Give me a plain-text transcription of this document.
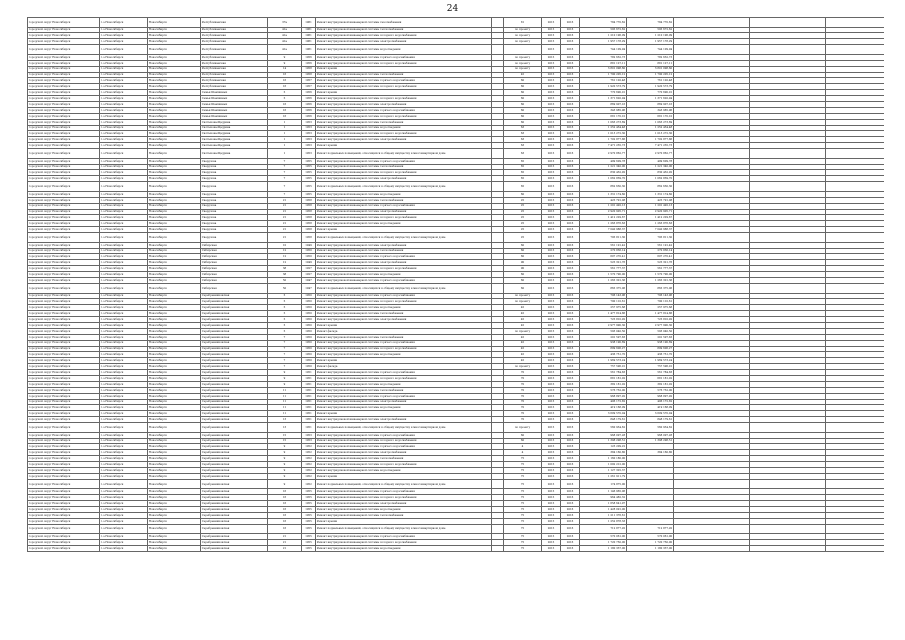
24
городской округ Новосибирск	г.о.Новосибирск	Новосибирск	Республиканская	37а	1961	Ремонт внутридомовой инженерной системы газоснабжения		81	2015	2016	784 770,62	784 770,62			
городской округ Новосибирск	г.о.Новосибирск	Новосибирск	Республиканская	41а	1961	Ремонт внутридомовой инженерной системы теплоснабжения		по проекту	2015	2016	595 672,62	595 672,62			
городской округ Новосибирск	г.о.Новосибирск	Новосибирск	Республиканская	41а	1961	Ремонт внутридомовой инженерной системы холодного водоснабжения		по проекту	2015	2016	1 210 196,09	1 210 196,09			
городской округ Новосибирск	г.о.Новосибирск	Новосибирск	Республиканская	41а	1961	Ремонт внутридомовой инженерной системы электроснабжения		по проекту	2015	2016	1 957 178,29	1 957 178,29			
городской округ Новосибирск	г.о.Новосибирск	Новосибирск	Республиканская	41а	1961	Ремонт внутридомовой инженерной системы водоотведения			2015	2016	744 109,94	744 109,94			
городской округ Новосибирск	г.о.Новосибирск	Новосибирск	Республиканская	9	1956	Ремонт внутридомовой инженерной системы горячего водоснабжения		по проекту	2015	2016	782 632,73	782 632,73			
городской округ Новосибирск	г.о.Новосибирск	Новосибирск	Республиканская	9	1956	Ремонт внутридомовой инженерной системы холодного водоснабжения		по проекту	2015	2016	881 127,11	881 127,11			
городской округ Новосибирск	г.о.Новосибирск	Новосибирск	Республиканская	14	1958	Ремонт крыши		по проекту	2015	2016	3 801 098,60	3 801 098,60			
городской округ Новосибирск	г.о.Новосибирск	Новосибирск	Республиканская	16	1958	Ремонт внутридомовой инженерной системы теплоснабжения		45	2015	2016	1 790 205,12	1 790 205,12			
городской округ Новосибирск	г.о.Новосибирск	Новосибирск	Республиканская	16	1957	Ремонт внутридомовой инженерной системы горячего водоснабжения		60	2015	2016	761 120,48	761 120,48			
городской округ Новосибирск	г.о.Новосибирск	Новосибирск	Республиканская	16	1957	Ремонт внутридомовой инженерной системы холодного водоснабжения		60	2015	2016	1 920 573,79	1 920 573,79			
городской округ Новосибирск	г.о.Новосибирск	Новосибирск	Семьи Шамшиных	5	1956	Ремонт крыши		60	2015	2016	770 690,01	770 690,01			
городской округ Новосибирск	г.о.Новосибирск	Новосибирск	Семьи Шамшиных	5	1956	Ремонт внутридомовой инженерной системы холодного водоснабжения		60	2015	2016	1 371 620,94	1 371 620,94			
городской округ Новосибирск	г.о.Новосибирск	Новосибирск	Семьи Шамшиных	16	1956	Ремонт внутридомовой инженерной системы электроснабжения		60	2015	2016	869 907,16	869 907,16			
городской округ Новосибирск	г.о.Новосибирск	Новосибирск	Семьи Шамшиных	16	1956	Ремонт внутридомовой инженерной системы горячего водоснабжения		60	2015	2016	343 985,96	343 985,96			
городской округ Новосибирск	г.о.Новосибирск	Новосибирск	Семьи Шамшиных	16	1956	Ремонт внутридомовой инженерной системы холодного водоснабжения		60	2015	2016	681 170,10	681 170,10			
городской округ Новосибирск	г.о.Новосибирск	Новосибирск	Салтыкова-Щедрина	1	1953	Ремонт внутридомовой инженерной системы теплоснабжения		60	2015	2016	1 063 273,69	1 063 273,69			
городской округ Новосибирск	г.о.Новосибирск	Новосибирск	Салтыкова-Щедрина	1	1953	Ремонт внутридомовой инженерной системы водоотведения		63	2015	2016	1 252 434,48	1 252 434,48			
городской округ Новосибирск	г.о.Новосибирск	Новосибирск	Салтыкова-Щедрина	1	1953	Ремонт внутридомовой инженерной системы холодного водоснабжения		63	2015	2016	1 013 272,30	1 013 272,30			
городской округ Новосибирск	г.о.Новосибирск	Новосибирск	Салтыкова-Щедрина	1	1953	Ремонт внутридомовой инженерной системы электроснабжения		63	2015	2016	1 702 877,86	1 702 877,86			
городской округ Новосибирск	г.о.Новосибирск	Новосибирск	Салтыкова-Щедрина	1	1953	Ремонт крыши		63	2015	2016	7 471 235,73	7 471 235,73			
городской округ Новосибирск	г.о.Новосибирск	Новосибирск	Салтыкова-Щедрина	1	1953	Ремонт подвальных помещений, относящихся к общему имуществу в многоквартирном доме		63	2015	2016	2 970 862,77	2 970 862,77			
городской округ Новосибирск	г.о.Новосибирск	Новосибирск	Свердлова	7	1955	Ремонт внутридомовой инженерной системы горячего водоснабжения		65	2015	2016	499 609,78	499 609,78			
городской округ Новосибирск	г.о.Новосибирск	Новосибирск	Свердлова	7	1955	Ремонт внутридомовой инженерной системы теплоснабжения		65	2015	2016	1 221 340,00	1 221 340,00			
городской округ Новосибирск	г.о.Новосибирск	Новосибирск	Свердлова	7	1955	Ремонт внутридомовой инженерной системы холодного водоснабжения		65	2015	2016	830 432,92	830 432,92			
городской округ Новосибирск	г.о.Новосибирск	Новосибирск	Свердлова	7	1955	Ремонт внутридомовой инженерной системы электроснабжения		65	2015	2016	1 062 839,70	1 062 839,70			
городской округ Новосибирск	г.о.Новосибирск	Новосибирск	Свердлова	7	1955	Ремонт подвальных помещений, относящихся к общему имуществу в многоквартирном доме		65	2015	2016	862 630,30	862 630,30			
городской округ Новосибирск	г.о.Новосибирск	Новосибирск	Свердлова	7	1955	Ремонт внутридомовой инженерной системы водоотведения		60	2015	2016	1 331 174,60	1 331 174,60			
городской округ Новосибирск	г.о.Новосибирск	Новосибирск	Свердлова	21	1958	Ремонт внутридомовой инженерной системы теплоснабжения		25	2015	2016	425 791,08	425 791,08			
городской округ Новосибирск	г.о.Новосибирск	Новосибирск	Свердлова	21	1958	Ремонт внутридомовой инженерной системы горячего водоснабжения		25	2015	2016	1 291 492,13	1 291 492,13			
городской округ Новосибирск	г.о.Новосибирск	Новосибирск	Свердлова	21	1958	Ремонт внутридомовой инженерной системы электроснабжения		25	2015	2016	2 920 905,71	2 920 905,71			
городской округ Новосибирск	г.о.Новосибирск	Новосибирск	Свердлова	21	1958	Ремонт внутридомовой инженерной системы холодного водоснабжения		25	2015	2016	1 412 229,67	1 412 229,67			
городской округ Новосибирск	г.о.Новосибирск	Новосибирск	Свердлова	21	1958	Ремонт внутридомовой инженерной системы водоотведения		25	2015	2016	1 263 876,63	1 263 876,63			
городской округ Новосибирск	г.о.Новосибирск	Новосибирск	Свердлова	21	1958	Ремонт крыши		25	2015	2016	7 040 988,37	7 040 988,37			
городской округ Новосибирск	г.о.Новосибирск	Новосибирск	Свердлова	21	1958	Ремонт подвальных помещений, относящихся к общему имуществу в многоквартирном доме		25	2015	2016	795 811,30	795 811,30			
городской округ Новосибирск	г.о.Новосибирск	Новосибирск	Сибирская	10	1949	Ремонт внутридомовой инженерной системы электроснабжения		60	2015	2016	561 191,42	561 191,42			
городской округ Новосибирск	г.о.Новосибирск	Новосибирск	Сибирская	12	1950	Ремонт внутридомовой инженерной системы теплоснабжения		60	2015	2016	270 836,14	270 836,14			
городской округ Новосибирск	г.о.Новосибирск	Новосибирск	Сибирская	12	1950	Ремонт внутридомовой инженерной системы горячего водоснабжения		60	2015	2016	607 270,41	607 270,41			
городской округ Новосибирск	г.о.Новосибирск	Новосибирск	Сибирская	12	1949	Ремонт внутридомовой инженерной системы электроснабжения		90	2015	2016	525 321,76	525 321,76			
городской округ Новосибирск	г.о.Новосибирск	Новосибирск	Сибирская	38	1927	Ремонт внутридомовой инженерной системы холодного водоснабжения		90	2015	2016	561 777,37	561 777,37			
городской округ Новосибирск	г.о.Новосибирск	Новосибирск	Сибирская	38	1927	Ремонт внутридомовой инженерной системы водоотведения		60	2015	2016	1 570 790,00	1 570 790,00			
городской округ Новосибирск	г.о.Новосибирск	Новосибирск	Сибирская	50	1947	Ремонт внутридомовой инженерной системы горячего водоснабжения		60	2015	2016	1 265 301,36	1 265 301,36			
городской округ Новосибирск	г.о.Новосибирск	Новосибирск	Сибирская	50	1947	Ремонт подвальных помещений, относящихся к общему имуществу в многоквартирном доме		60	2015	2016	865 375,06	865 375,06			
городской округ Новосибирск	г.о.Новосибирск	Новосибирск	Серебренниковская	5	1950	Ремонт внутридомовой инженерной системы горячего водоснабжения		по проекту	2015	2016	706 143,96	706 143,96			
городской округ Новосибирск	г.о.Новосибирск	Новосибирск	Серебренниковская	5	1950	Ремонт внутридомовой инженерной системы холодного водоснабжения		по проекту	2015	2016	790 110,61	790 110,61			
городской округ Новосибирск	г.о.Новосибирск	Новосибирск	Серебренниковская	5	1950	Ремонт внутридомовой инженерной системы водоотведения		45	2015	2016	257 975,68	257 975,68			
городской округ Новосибирск	г.о.Новосибирск	Новосибирск	Серебренниковская	5	1950	Ремонт внутридомовой инженерной системы теплоснабжения		45	2015	2016	1 477 814,86	1 477 814,86			
городской округ Новосибирск	г.о.Новосибирск	Новосибирск	Серебренниковская	5	1950	Ремонт внутридомовой инженерной системы электроснабжения		45	2015	2016	725 810,92	725 810,92			
городской округ Новосибирск	г.о.Новосибирск	Новосибирск	Серебренниковская	5	1950	Ремонт крыши		45	2015	2016	2 977 990,30	2 977 990,30			
городской округ Новосибирск	г.о.Новосибирск	Новосибирск	Серебренниковская	5	1950	Ремонт фасада		по проекту	2015	2016	593 040,50	593 040,50			
городской округ Новосибирск	г.о.Новосибирск	Новосибирск	Серебренниковская	7	1950	Ремонт внутридомовой инженерной системы теплоснабжения		45	2015	2016	291 597,83	291 597,83			
городской округ Новосибирск	г.о.Новосибирск	Новосибирск	Серебренниковская	7	1950	Ремонт внутридомовой инженерной системы горячего водоснабжения		45	2015	2016	938 190,69	938 190,69			
городской округ Новосибирск	г.о.Новосибирск	Новосибирск	Серебренниковская	7	1950	Ремонт внутридомовой инженерной системы холодного водоснабжения		45	2015	2016	899 606,27	899 606,27			
городской округ Новосибирск	г.о.Новосибирск	Новосибирск	Серебренниковская	7	1950	Ремонт внутридомовой инженерной системы водоотведения		45	2015	2016	436 751,70	436 751,70			
городской округ Новосибирск	г.о.Новосибирск	Новосибирск	Серебренниковская	7	1950	Ремонт крыши		45	2015	2016	1 969 573,24	1 969 573,24			
городской округ Новосибирск	г.о.Новосибирск	Новосибирск	Серебренниковская	7	1950	Ремонт фасада		по проекту	2015	2016	757 596,01	757 596,01			
городской округ Новосибирск	г.о.Новосибирск	Новосибирск	Серебренниковская	9	1951	Ремонт внутридомовой инженерной системы горячего водоснабжения		70	2015	2016	561 784,83	561 784,83			
городской округ Новосибирск	г.о.Новосибирск	Новосибирск	Серебренниковская	9	1951	Ремонт внутридомовой инженерной системы холодного водоснабжения		70	2015	2016	681 181,02	681 181,02			
городской округ Новосибирск	г.о.Новосибирск	Новосибирск	Серебренниковская	9	1951	Ремонт внутридомовой инженерной системы водоотведения		70	2015	2016	382 181,02	382 181,02			
городской округ Новосибирск	г.о.Новосибирск	Новосибирск	Серебренниковская	11	1951	Ремонт внутридомовой инженерной системы теплоснабжения		70	2015	2016	576 752,00	576 752,00			
городской округ Новосибирск	г.о.Новосибирск	Новосибирск	Серебренниковская	11	1951	Ремонт внутридомовой инженерной системы горячего водоснабжения		70	2015	2016	968 897,92	968 897,92			
городской округ Новосибирск	г.о.Новосибирск	Новосибирск	Серебренниковская	11	1951	Ремонт внутридомовой инженерной системы электроснабжения		70	2015	2016	406 172,82	406 172,82			
городской округ Новосибирск	г.о.Новосибирск	Новосибирск	Серебренниковская	11	1951	Ремонт внутридомовой инженерной системы водоотведения		70	2015	2016	419 168,09	419 168,09			
городской округ Новосибирск	г.о.Новосибирск	Новосибирск	Серебренниковская	11	1951	Ремонт крыши		70	2015	2016	3 609 570,04	3 609 570,04			
городской округ Новосибирск	г.о.Новосибирск	Новосибирск	Серебренниковская	13	1951	Ремонт внутридомовой инженерной системы электроснабжения		70	2015	2016	848 179,61	848 179,61			
городской округ Новосибирск	г.о.Новосибирск	Новосибирск	Серебренниковская	13	1951	Ремонт подвальных помещений, относящихся к общему имуществу в многоквартирном доме		по проекту	2015	2016	560 934,62	560 934,62			
городской округ Новосибирск	г.о.Новосибирск	Новосибирск	Серебренниковская	15	1953	Ремонт внутридомовой инженерной системы горячего водоснабжения		60	2015	2016	968 097,28	968 097,28			
городской округ Новосибирск	г.о.Новосибирск	Новосибирск	Серебренниковская	15	1953	Ремонт внутридомовой инженерной системы холодного водоснабжения		60	2015	2016	1 398 298,51	1 398 298,51			
городской округ Новосибирск	г.о.Новосибирск	Новосибирск	Серебренниковская	9	1952	Ремонт внутридомовой инженерной системы горячего водоснабжения		4	2015	2016	123 209,22				
городской округ Новосибирск	г.о.Новосибирск	Новосибирск	Серебренниковская	9	1952	Ремонт внутридомовой инженерной системы электроснабжения		4	2015	2016	384 160,80	384 160,80			
городской округ Новосибирск	г.о.Новосибирск	Новосибирск	Серебренниковская	9	1952	Ремонт внутридомовой инженерной системы теплоснабжения		75	2015	2016	1 160 180,00				
городской округ Новосибирск	г.о.Новосибирск	Новосибирск	Серебренниковская	9	1952	Ремонт внутридомовой инженерной системы холодного водоснабжения		75	2015	2016	1 092 212,00				
городской округ Новосибирск	г.о.Новосибирск	Новосибирск	Серебренниковская	9	1952	Ремонт внутридомовой инженерной системы водоотведения		75	2015	2016	1 127 325,37				
городской округ Новосибирск	г.о.Новосибирск	Новосибирск	Серебренниковская	9	1952	Ремонт крыши		75	2015	2016	1 261 911,79				
городской округ Новосибирск	г.о.Новосибирск	Новосибирск	Серебренниковская	9	1952	Ремонт подвальных помещений, относящихся к общему имуществу в многоквартирном доме		75	2015	2016	174 875,00				
городской округ Новосибирск	г.о.Новосибирск	Новосибирск	Серебренниковская	16	1955	Ремонт внутридомовой инженерной системы горячего водоснабжения		75	2015	2016	1 146 965,06				
городской округ Новосибирск	г.о.Новосибирск	Новосибирск	Серебренниковская	16	1955	Ремонт внутридомовой инженерной системы холодного водоснабжения		75	2015	2016	964 482,32				
городской округ Новосибирск	г.о.Новосибирск	Новосибирск	Серебренниковская	16	1955	Ремонт внутридомовой инженерной системы электроснабжения		75	2015	2016	1 658 641,97				
городской округ Новосибирск	г.о.Новосибирск	Новосибирск	Серебренниковская	16	1955	Ремонт внутридомовой инженерной системы водоотведения		75	2015	2016	1 428 091,00				
городской округ Новосибирск	г.о.Новосибирск	Новосибирск	Серебренниковская	16	1955	Ремонт внутридомовой инженерной системы теплоснабжения		75	2015	2016	1 211 376,61				
городской округ Новосибирск	г.о.Новосибирск	Новосибирск	Серебренниковская	16	1955	Ремонт крыши		75	2015	2016	1 252 878,33				
городской округ Новосибирск	г.о.Новосибирск	Новосибирск	Серебренниковская	16	1955	Ремонт подвальных помещений, относящихся к общему имуществу в многоквартирном доме		75	2015	2016	712 877,20	712 877,20			
городской округ Новосибирск	г.о.Новосибирск	Новосибирск	Серебренниковская	21	1955	Ремонт внутридомовой инженерной системы горячего водоснабжения		75	2015	2016	570 061,00	570 061,00			
городской округ Новосибирск	г.о.Новосибирск	Новосибирск	Серебренниковская	21	1955	Ремонт внутридомовой инженерной системы холодного водоснабжения		75	2015	2016	1 720 750,00	1 720 750,00			
городской округ Новосибирск	г.о.Новосибирск	Новосибирск	Серебренниковская	21	1955	Ремонт внутридомовой инженерной системы водоотведения		75	2015	2016	1 180 337,00	1 180 337,00			
